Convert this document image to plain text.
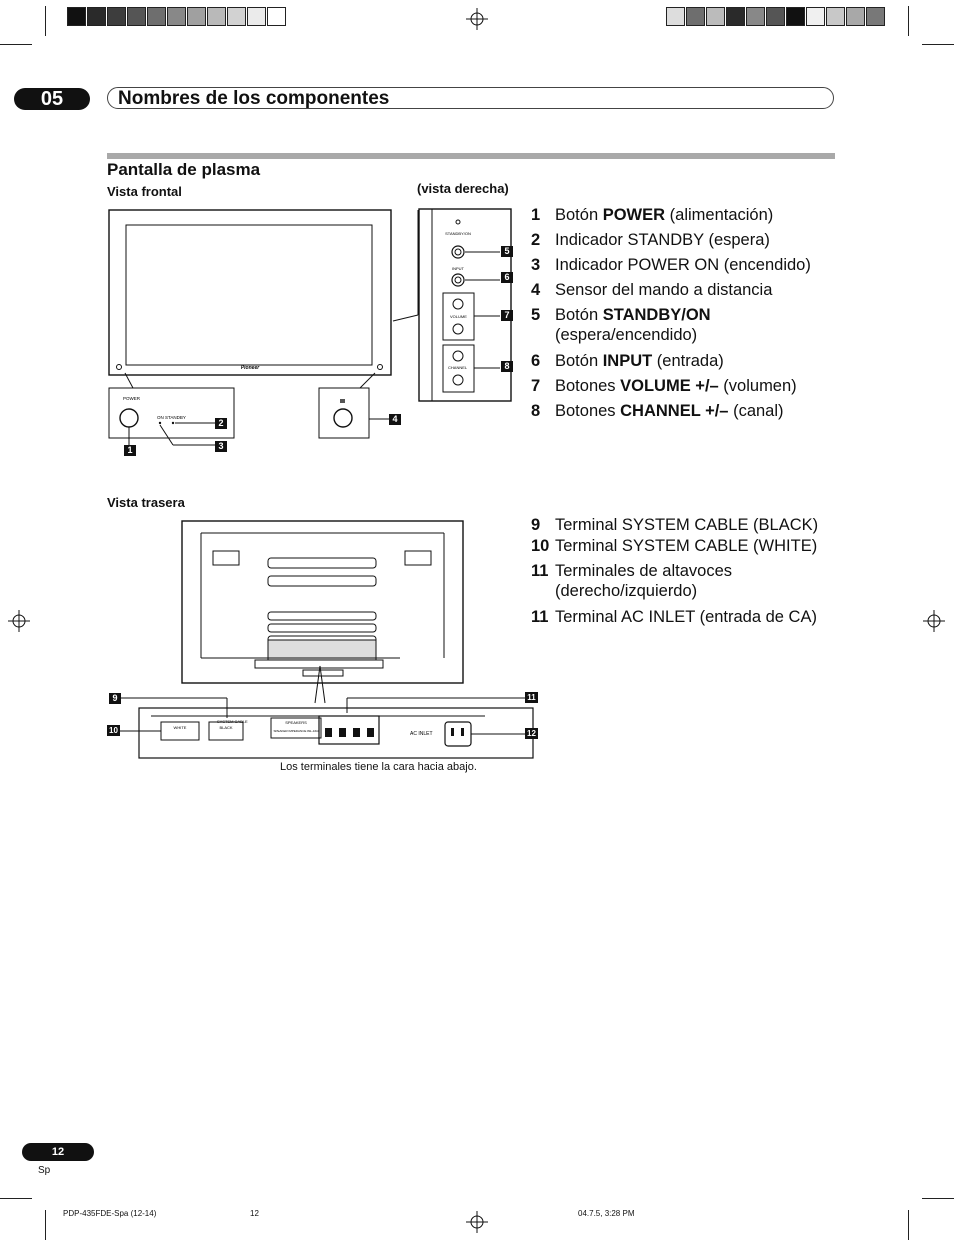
05	Nombres de los componentes
Pantalla de plasma
Vista frontal	(vista derecha)
Vista trasera
Pioneer
POWER
ON STANDBY
1
2
3
4
STANDBY/ON
INPUT
VOLUME
CHANNEL
5
6
7
8
1 Botón POWER (alimentación)
2 Indicador STANDBY (espera)
3 Indicador POWER ON (encendido)
4 Sensor del mando a distancia
5 Botón STANDBY/ON
(espera/encendido)
6 Botón INPUT (entrada)
7 Botones VOLUME +/– (volumen)
8 Botones CHANNEL +/– (canal)
9 Terminal SYSTEM CABLE (BLACK)
10 Terminal SYSTEM CABLE (WHITE)
11 Terminales de altavoces
(derecho/izquierdo)
11 Terminal AC INLET (entrada de CA)
SYSTEM CABLE
WHITE	BLACK
SPEAKERS
SPEAKER IMPEDANCE 8Ω~16Ω	AC INLET
9
10
11
12
Los terminales tiene la cara hacia abajo.
12
Sp
PDP-435FDE-Spa (12-14)	12	04.7.5, 3:28 PM
